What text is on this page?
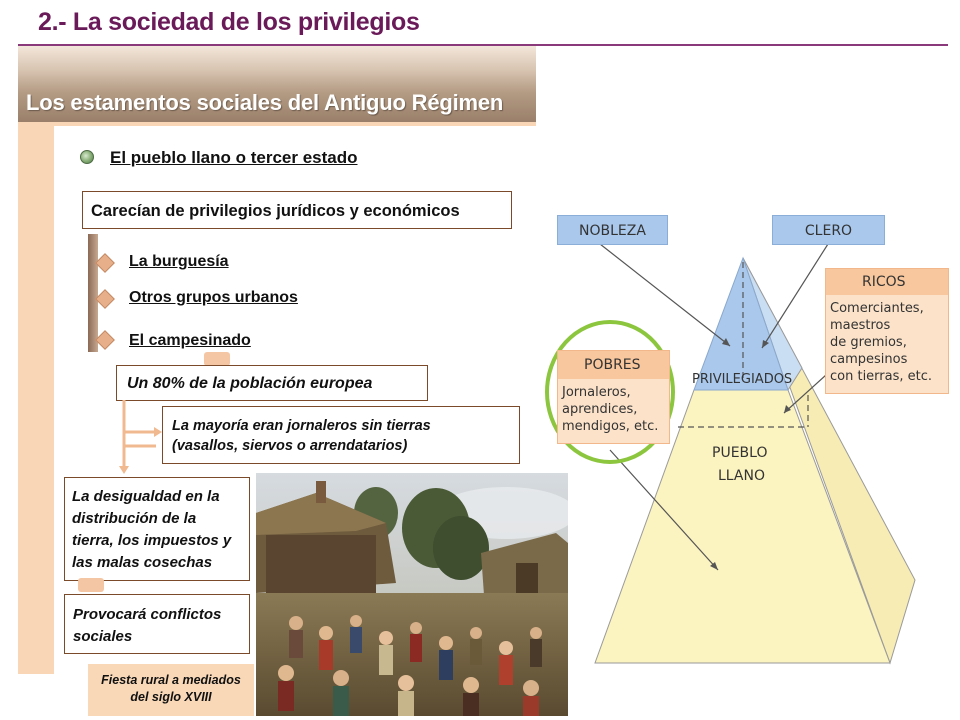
2.- La sociedad de los privilegios
Los estamentos sociales del Antiguo Régimen
El pueblo llano o tercer estado
Carecían de privilegios jurídicos y económicos
La burguesía
Otros grupos urbanos
El campesinado
Un 80% de la población europea
La mayoría eran jornaleros sin tierras
(vasallos, siervos o arrendatarios)
La desigualdad en la
distribución de la
tierra, los impuestos y
las malas cosechas
Provocará conflictos
sociales
Fiesta rural a mediados
del siglo XVIII
NOBLEZA	CLERO
PRIVILEGIADOS
PUEBLO
LLANO
RICOS
Comerciantes,
maestros
de gremios,
campesinos
con tierras, etc.
POBRES
Jornaleros,
aprendices,
mendigos, etc.
